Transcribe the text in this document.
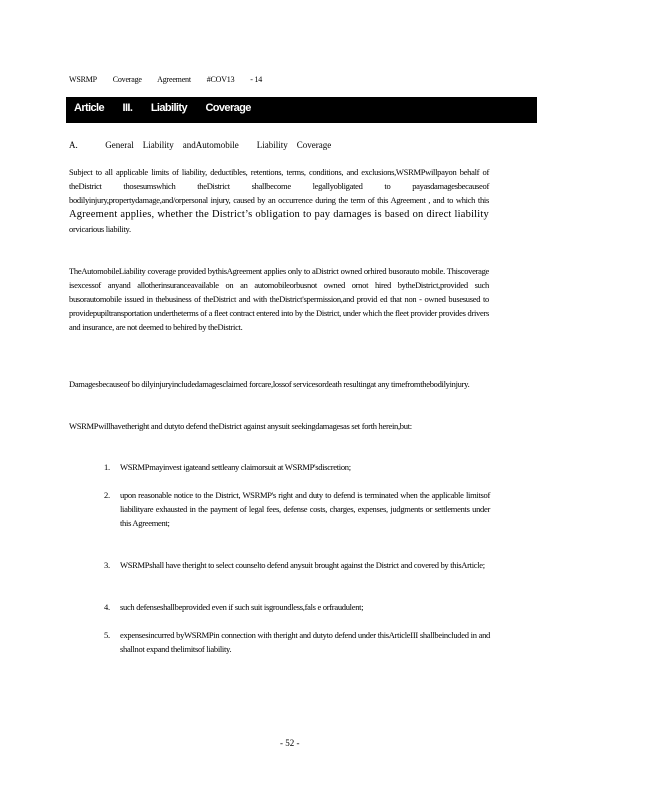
WSRMP Coverage Agreement #COV13 - 14
Article III. Liability Coverage
A.	General    Liability    andAutomobile        Liability    Coverage
Subject to all applicable limits of liability, deductibles, retentions, terms, conditions, and exclusions,WSRMPwillpayon behalf of theDistrict thosesumswhich theDistrict shallbecome legallyobligated to payasdamagesbecauseof bodilyinjury,propertydamage,and/orpersonal injury, caused by an occurrence during the term of this Agreement , and to which this Agreement applies, whether the District’s obligation to pay damages is based on direct liability orvicarious liability.
TheAutomobileLiability coverage provided bythisAgreement applies only to aDistrict owned orhired busorauto mobile. Thiscoverage isexcessof anyand allotherinsuranceavailable on an automobileorbusnot owned ornot hired bytheDistrict,provided such busorautomobile issued in thebusiness of theDistrict and with theDistrict'spermission,and provid ed that non - owned busesused to providepupiltransportation undertheterms of a fleet contract entered into by the District, under which the fleet provider provides drivers and insurance, are not deemed to behired by theDistrict.
Damagesbecauseof bo dilyinjuryincludedamagesclaimed forcare,lossof servicesordeath resultingat any timefromthebodilyinjury.
WSRMPwillhavetheright and dutyto defend theDistrict against anysuit seekingdamagesas set forth herein,but:
1.	WSRMPmayinvest igateand settleany claimorsuit at WSRMP'sdiscretion;
2.	upon reasonable notice to the District, WSRMP's right and duty to defend is terminated when the applicable limitsof liabilityare exhausted in the payment of legal fees, defense costs, charges, expenses, judgments or settlements under this Agreement;
3.	WSRMPshall have theright to select counselto defend anysuit brought against the District and covered by thisArticle;
4.	such defenseshallbeprovided even if such suit isgroundless,fals e orfraudulent;
5.	expensesincurred byWSRMPin connection with theright and dutyto defend under thisArticleIII shallbeincluded in and shallnot expand thelimitsof liability.
- 52 -
